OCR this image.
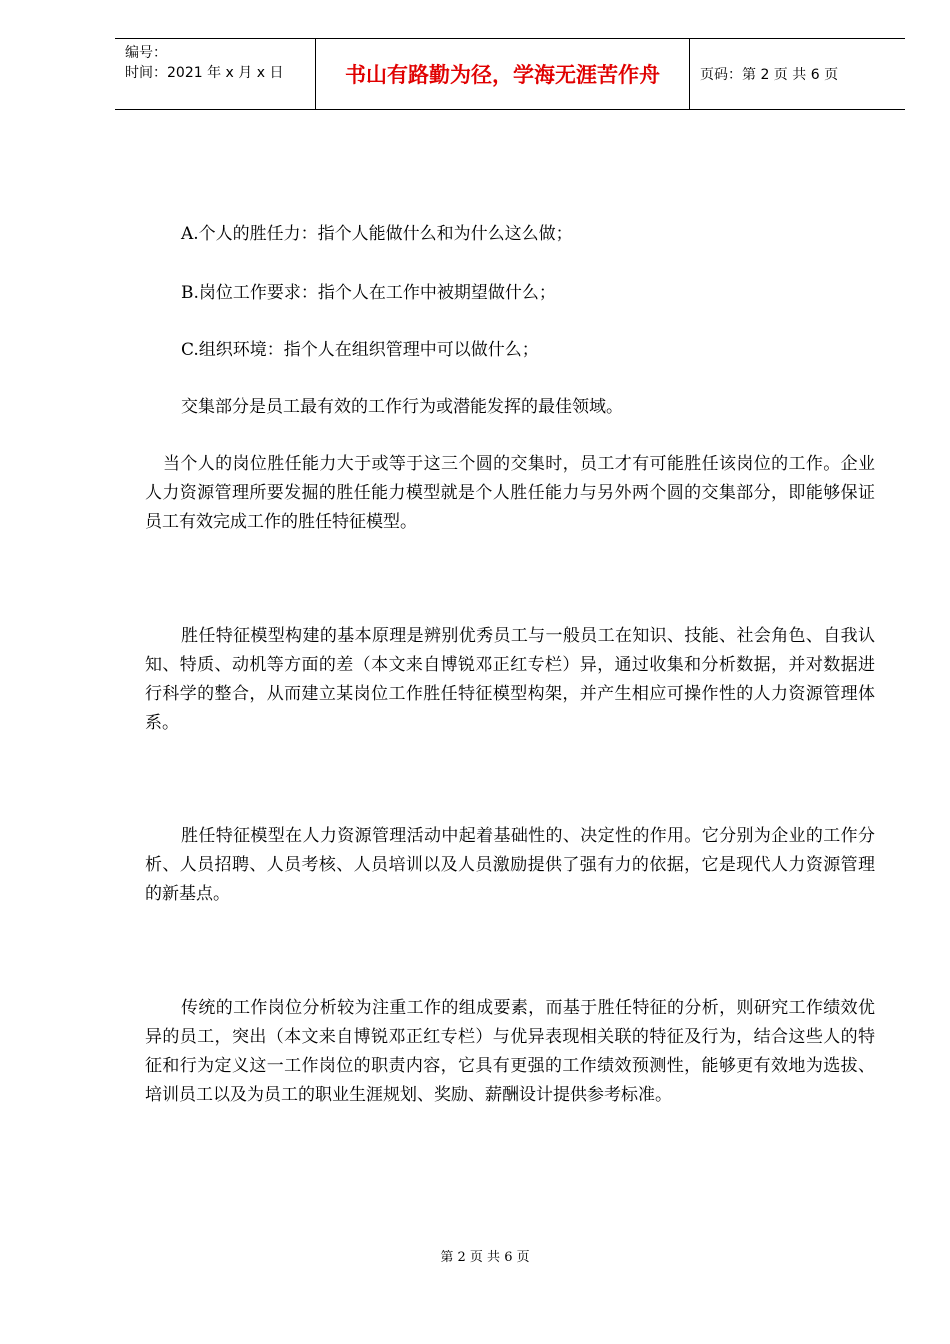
编号：
时间：2021 年 x 月 x 日	书山有路勤为径，学海无涯苦作舟	页码：第 2 页 共 6 页

A.个人的胜任力：指个人能做什么和为什么这么做；

B.岗位工作要求：指个人在工作中被期望做什么；

C.组织环境：指个人在组织管理中可以做什么；

交集部分是员工最有效的工作行为或潜能发挥的最佳领域。

当个人的岗位胜任能力大于或等于这三个圆的交集时，员工才有可能胜任该岗位的工作。企业人力资源管理所要发掘的胜任能力模型就是个人胜任能力与另外两个圆的交集部分，即能够保证员工有效完成工作的胜任特征模型。

胜任特征模型构建的基本原理是辨别优秀员工与一般员工在知识、技能、社会角色、自我认知、特质、动机等方面的差（本文来自博锐邓正红专栏）异，通过收集和分析数据，并对数据进行科学的整合，从而建立某岗位工作胜任特征模型构架，并产生相应可操作性的人力资源管理体系。

胜任特征模型在人力资源管理活动中起着基础性的、决定性的作用。它分别为企业的工作分析、人员招聘、人员考核、人员培训以及人员激励提供了强有力的依据，它是现代人力资源管理的新基点。

传统的工作岗位分析较为注重工作的组成要素，而基于胜任特征的分析，则研究工作绩效优异的员工，突出（本文来自博锐邓正红专栏）与优异表现相关联的特征及行为，结合这些人的特征和行为定义这一工作岗位的职责内容，它具有更强的工作绩效预测性，能够更有效地为选拔、培训员工以及为员工的职业生涯规划、奖励、薪酬设计提供参考标准。

第 2 页 共 6 页
